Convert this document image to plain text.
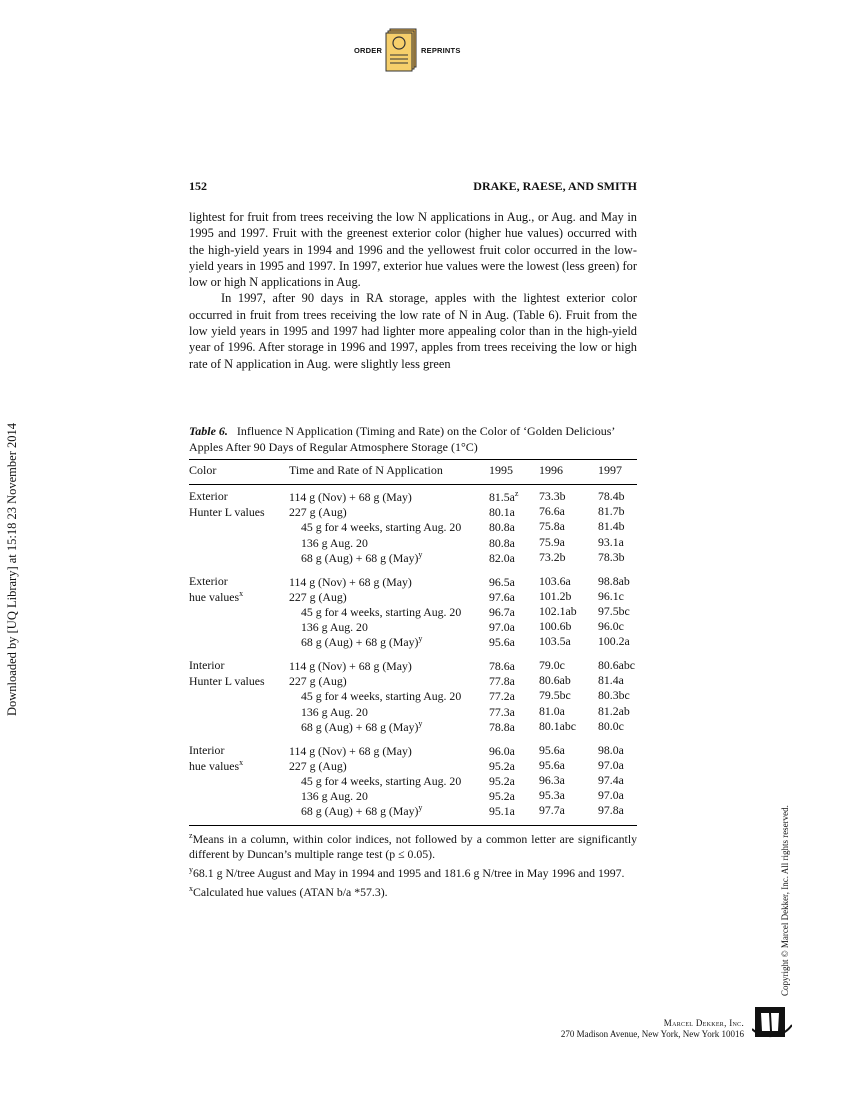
ORDER	REPRINTS
152	DRAKE, RAESE, AND SMITH

lightest for fruit from trees receiving the low N applications in Aug., or Aug. and May in 1995 and 1997. Fruit with the greenest exterior color (higher hue values) occurred with the high-yield years in 1994 and 1996 and the yellowest fruit color occurred in the low-yield years in 1995 and 1997. In 1997, exterior hue values were the lowest (less green) for low or high N applications in Aug.

In 1997, after 90 days in RA storage, apples with the lightest exterior color occurred in fruit from trees receiving the low rate of N in Aug. (Table 6). Fruit from the low yield years in 1995 and 1997 had lighter more appealing color than in the high-yield year of 1996. After storage in 1996 and 1997, apples from trees receiving the low or high rate of N application in Aug. were slightly less green

Downloaded by [UQ Library] at 15:18 23 November 2014	Table 6. Influence N Application (Timing and Rate) on the Color of ‘Golden Delicious’ Apples After 90 Days of Regular Atmosphere Storage (1°C)
Color	Time and Rate of N Application	1995 1996	1997
Exterior
Hunter L values
114 g (Nov) + 68 g (May)	$81.5a^z$ 73.3b	78.4b
227 g (Aug)	80.1a 76.6a	81.7b
45 g for 4 weeks, starting Aug. 20 80.8a 75.8a	81.4b
136 g Aug. 20	80.8a 75.9a	93.1a
68 g (Aug) + 68 g (May)$^y$	82.0a 73.2b	78.3b
Exterior
hue values$^x$
114 g (Nov) + 68 g (May)	96.5a 103.6a 98.8ab
227 g (Aug)	97.6a 101.2b 96.1c
45 g for 4 weeks, starting Aug. 20 96.7a 102.1ab 97.5bc
136 g Aug. 20	97.0a 100.6b 96.0c
68 g (Aug) + 68 g (May)$^y$	95.6a 103.5a 100.2a
Interior
Hunter L values
114 g (Nov) + 68 g (May)	78.6a 79.0c	80.6abc
227 g (Aug)	77.8a 80.6ab 81.4a
45 g for 4 weeks, starting Aug. 20 77.2a 79.5bc 80.3bc
136 g Aug. 20	77.3a 81.0a	81.2ab
68 g (Aug) + 68 g (May)$^y$	78.8a 80.1abc 80.0c
Interior
hue values$^x$
114 g (Nov) + 68 g (May)	96.0a 95.6a	98.0a
227 g (Aug)	95.2a 95.6a	97.0a
45 g for 4 weeks, starting Aug. 20 95.2a 96.3a	97.4a
136 g Aug. 20	95.2a 95.3a	97.0a
68 g (Aug) + 68 g (May)$^y$	95.1a 97.7a	97.8a

$^z$Means in a column, within color indices, not followed by a common letter are significantly different by Duncan’s multiple range test (p ≤ 0.05).

$^y$68.1 g N/tree August and May in 1994 and 1995 and 181.6 g N/tree in May 1996 and 1997.

$^x$Calculated hue values (ATAN b/a *57.3).	Copyright © Marcel Dekker, Inc. All rights reserved.
Marcel Dekker, Inc.
270 Madison Avenue, New York, New York 10016
